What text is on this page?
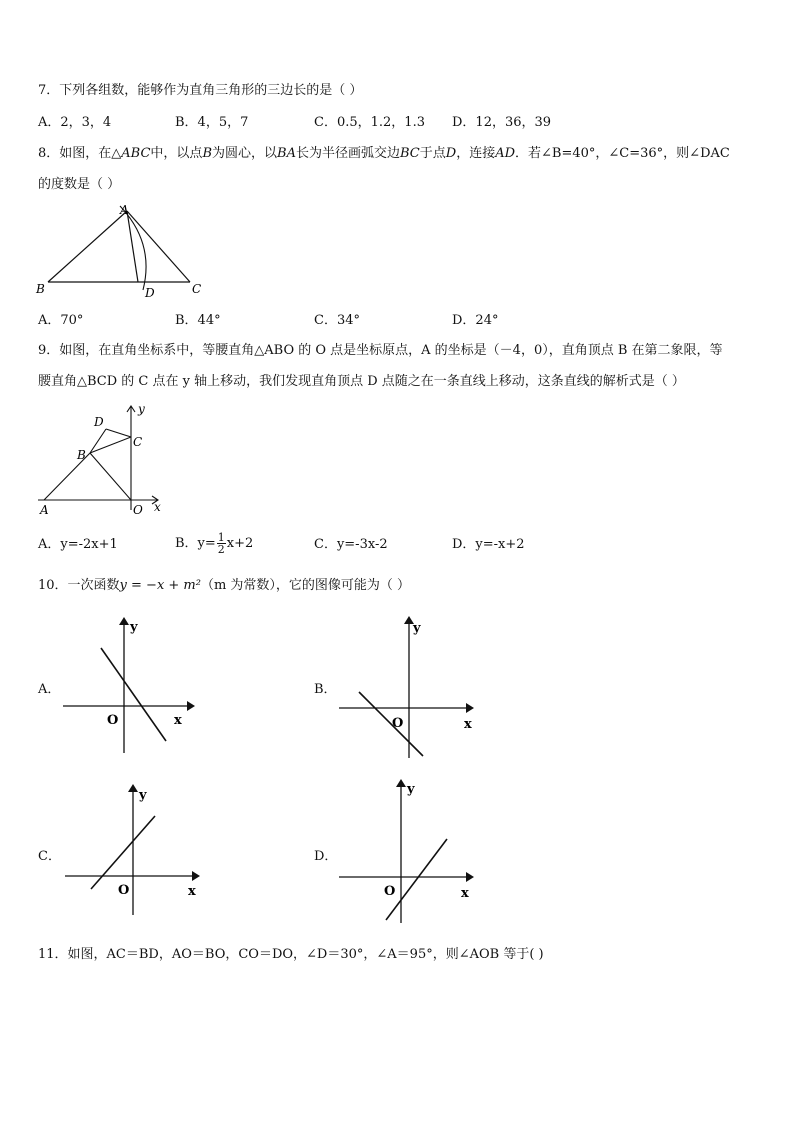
7．下列各组数，能够作为直角三角形的三边长的是（ ）
A．2，3，4	B．4，5，7	C．0.5，1.2，1.3 D．12，36，39
8．如图，在△ABC中，以点B为圆心，以BA长为半径画弧交边BC于点D，连接AD．若∠B=40°，∠C=36°，则∠DAC
的度数是（ ）
A
B	C
D
A．70°	B．44°	C．34°	D．24°
9．如图，在直角坐标系中，等腰直角△ABO 的 O 点是坐标原点，A 的坐标是（－4，0），直角顶点 B 在第二象限，等
腰直角△BCD 的 C 点在 y 轴上移动，我们发现直角顶点 D 点随之在一条直线上移动，这条直线的解析式是（ ）
D
C
B
A	O x
y
A．y=-2x+1	B．$y= \frac{1}{2} x+2$	C．y=-3x-2	D．y=-x+2
10．一次函数y = −x + m²（m 为常数），它的图像可能为（ ）
A．
y
O	x
B．
y
O	x
C．
y
O	x
D．
y
O	x
11．如图，AC＝BD，AO＝BO，CO＝DO，∠D＝30°，∠A＝95°，则∠AOB 等于( )
